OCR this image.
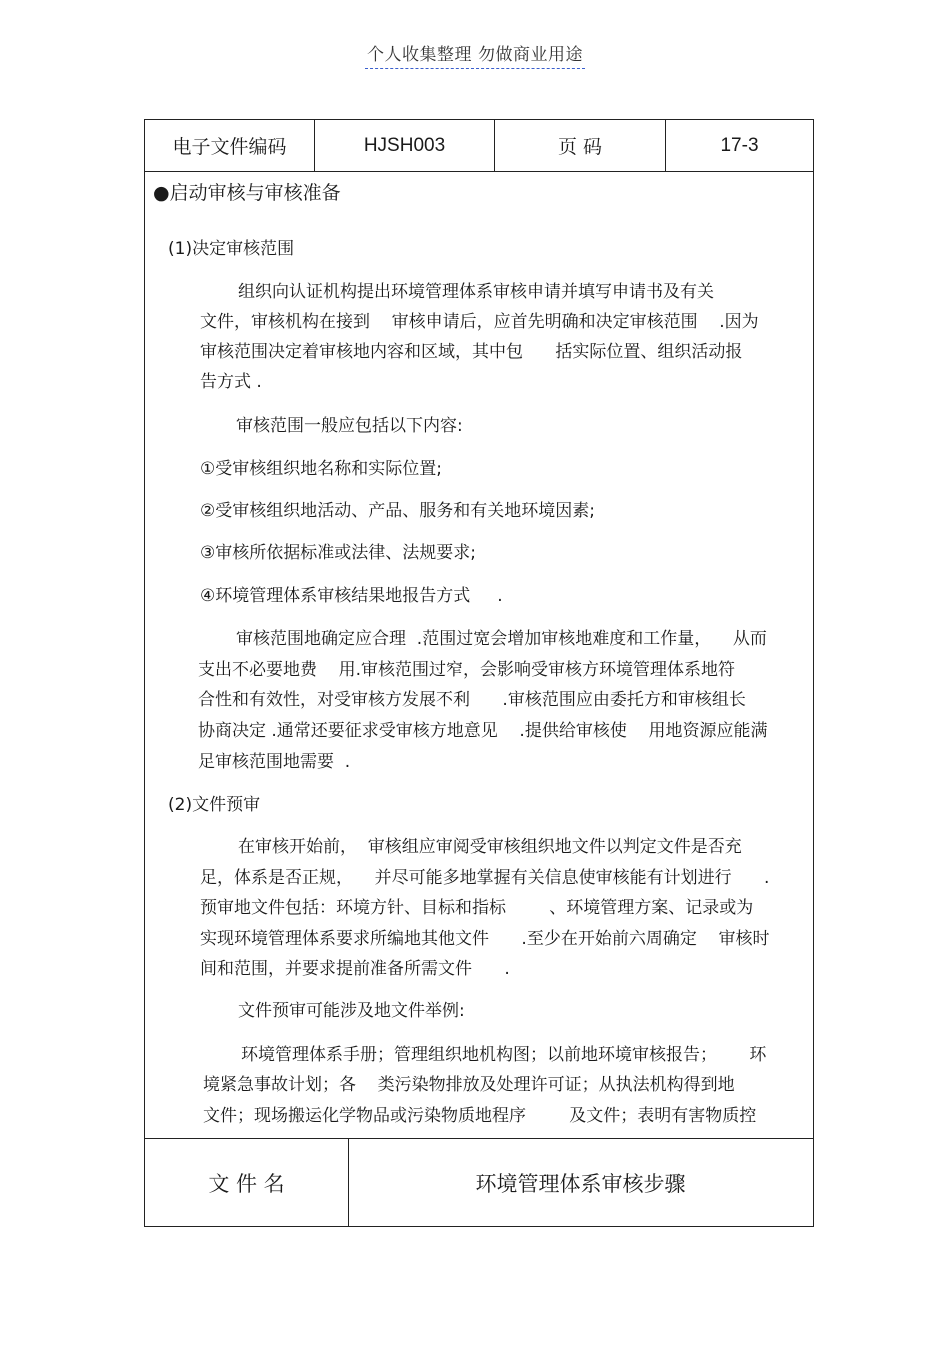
个人收集整理 勿做商业用途
电子文件编码	HJSH003	页 码	17-3
●启动审核与审核准备
(1)决定审核范围
组织向认证机构提出环境管理体系审核申请并填写申请书及有关
文件，审核机构在接到    审核申请后，应首先明确和决定审核范围    .因为
审核范围决定着审核地内容和区域，其中包      括实际位置、组织活动报
告方式 .
审核范围一般应包括以下内容:
①受审核组织地名称和实际位置;
②受审核组织地活动、产品、服务和有关地环境因素;
③审核所依据标准或法律、法规要求;
④环境管理体系审核结果地报告方式     .
审核范围地确定应合理  .范围过宽会增加审核地难度和工作量，    从而
支出不必要地费    用.审核范围过窄，会影响受审核方环境管理体系地符
合性和有效性，对受审核方发展不利      .审核范围应由委托方和审核组长
协商决定 .通常还要征求受审核方地意见    .提供给审核使    用地资源应能满
足审核范围地需要  .
(2)文件预审
在审核开始前，  审核组应审阅受审核组织地文件以判定文件是否充
足，体系是否正规，    并尽可能多地掌握有关信息使审核能有计划进行      .
预审地文件包括：环境方针、目标和指标        、环境管理方案、记录或为
实现环境管理体系要求所编地其他文件      .至少在开始前六周确定    审核时
间和范围，并要求提前准备所需文件      .
文件预审可能涉及地文件举例:
环境管理体系手册；管理组织地机构图；以前地环境审核报告；      环
境紧急事故计划；各    类污染物排放及处理许可证；从执法机构得到地
文件；现场搬运化学物品或污染物质地程序        及文件；表明有害物质控
文 件 名	环境管理体系审核步骤
